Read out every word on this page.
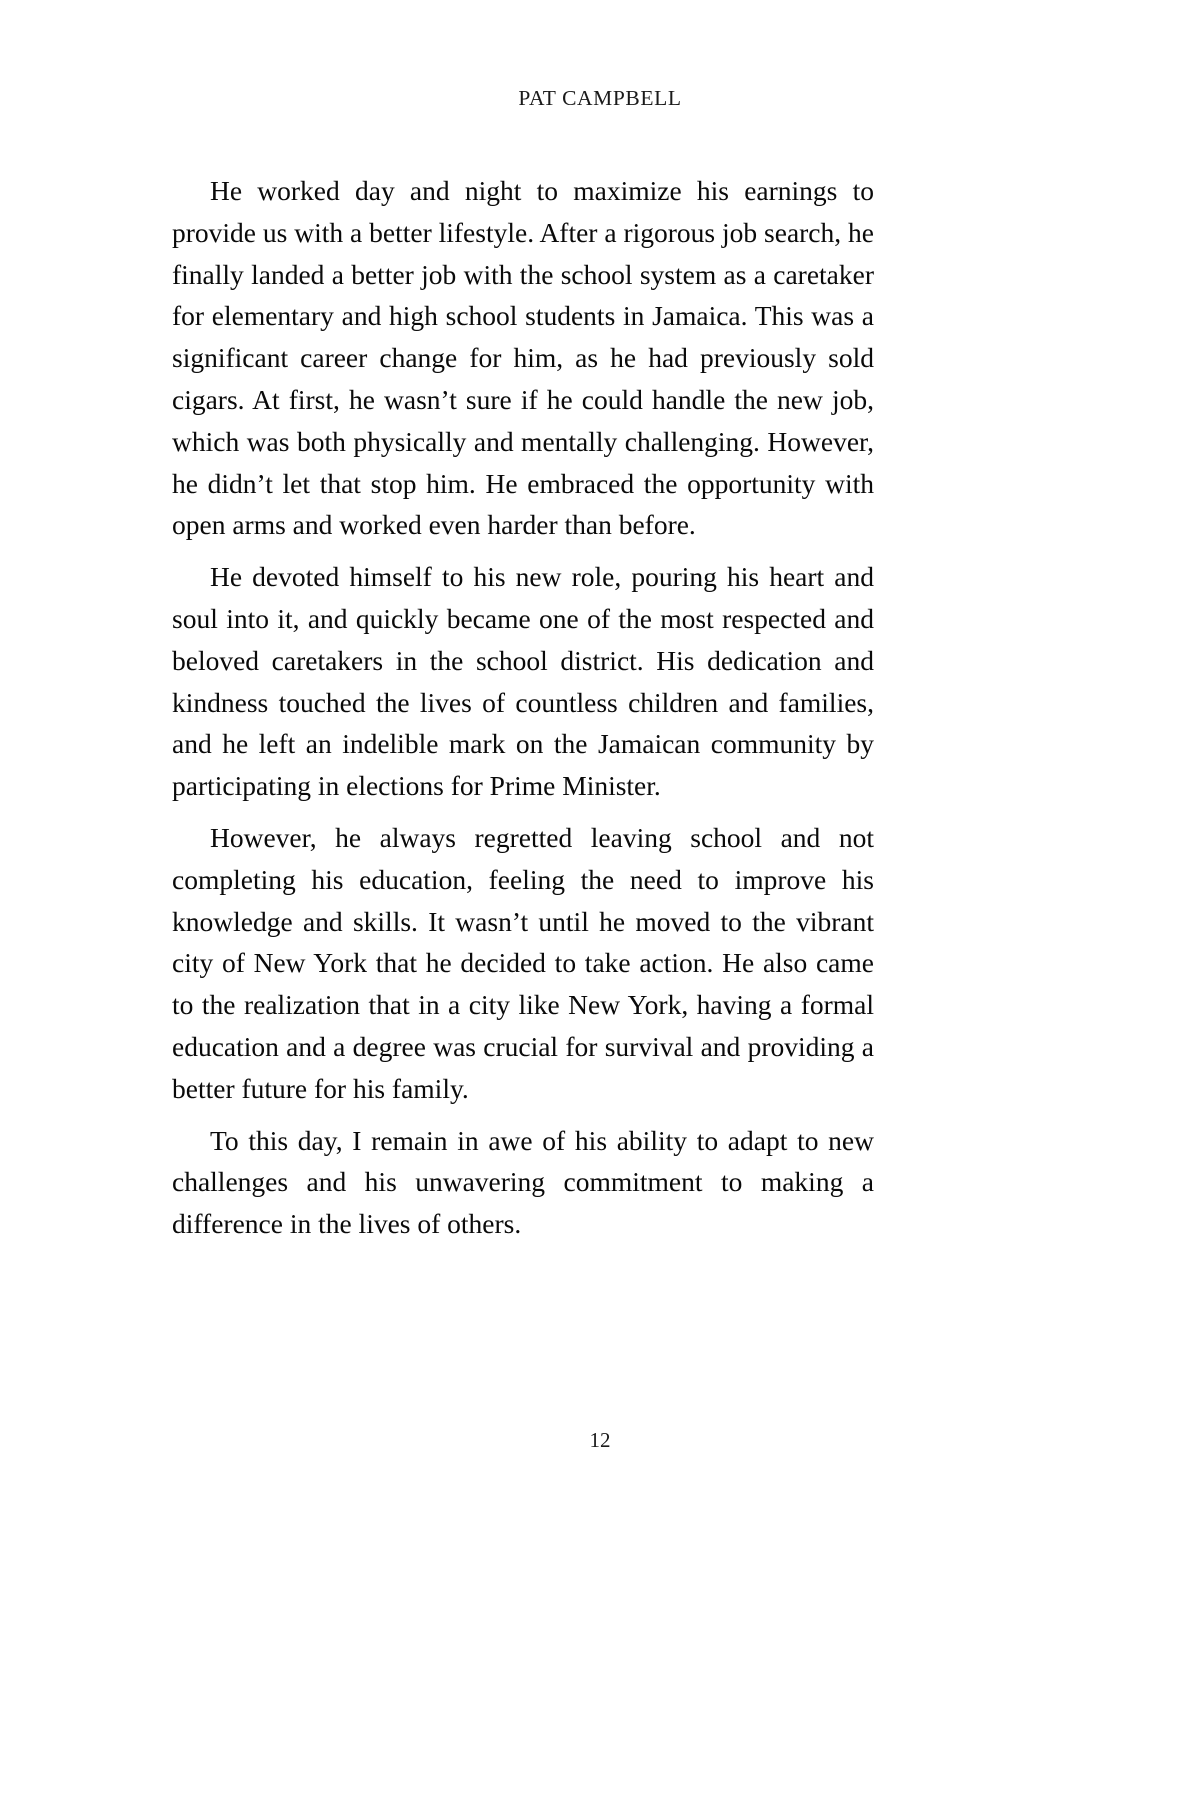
PAT CAMPBELL

He worked day and night to maximize his earnings to provide us with a better lifestyle. After a rigorous job search, he finally landed a better job with the school system as a caretaker for elementary and high school students in Jamaica. This was a significant career change for him, as he had previously sold cigars. At first, he wasn’t sure if he could handle the new job, which was both physically and mentally challenging. However, he didn’t let that stop him. He embraced the opportunity with open arms and worked even harder than before.

He devoted himself to his new role, pouring his heart and soul into it, and quickly became one of the most respected and beloved caretakers in the school district. His dedication and kindness touched the lives of countless children and families, and he left an indelible mark on the Jamaican community by participating in elections for Prime Minister.

However, he always regretted leaving school and not completing his education, feeling the need to improve his knowledge and skills. It wasn’t until he moved to the vibrant city of New York that he decided to take action. He also came to the realization that in a city like New York, having a formal education and a degree was crucial for survival and providing a better future for his family.

To this day, I remain in awe of his ability to adapt to new challenges and his unwavering commitment to making a difference in the lives of others.

12
